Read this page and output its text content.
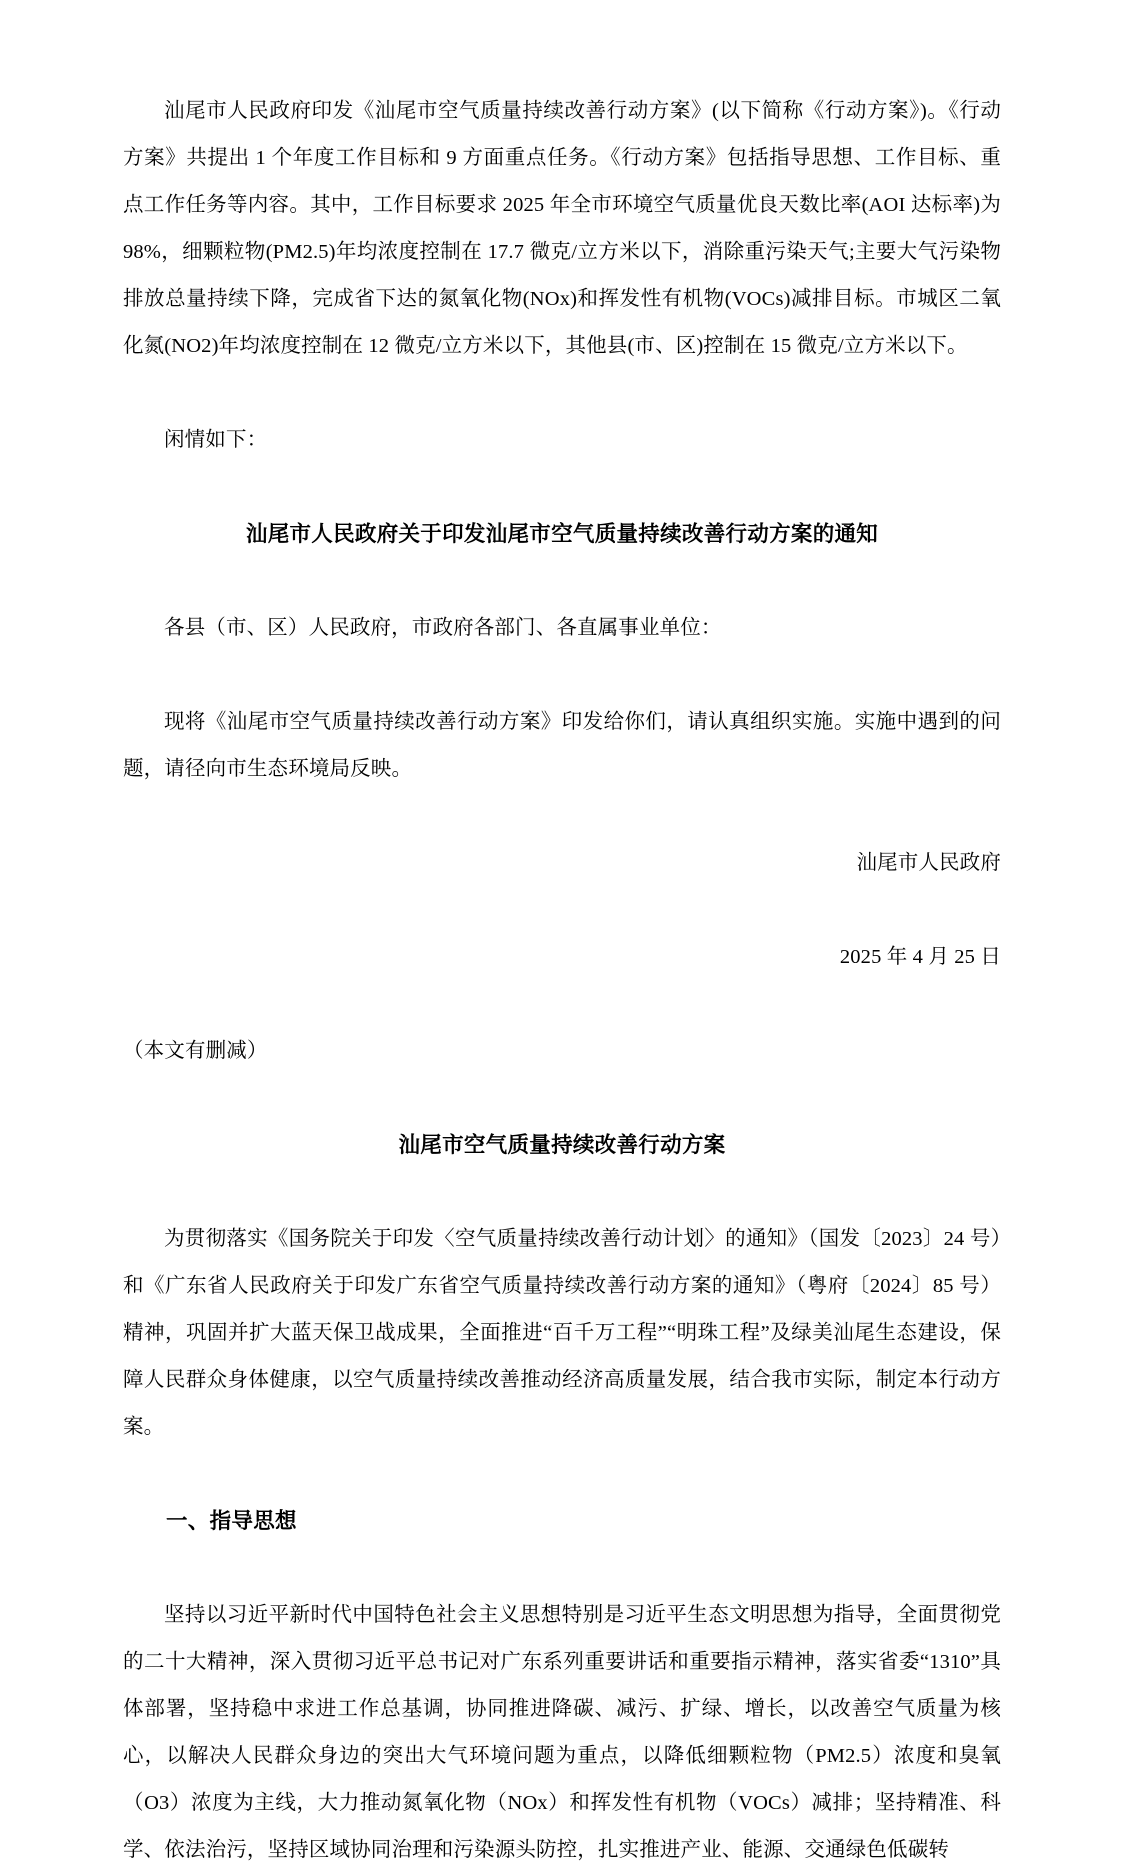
汕尾市人民政府印发《汕尾市空气质量持续改善行动方案》(以下简称《行动方案》)。《行动方案》共提出 1 个年度工作目标和 9 方面重点任务。《行动方案》包括指导思想、工作目标、重点工作任务等内容。其中，工作目标要求 2025 年全市环境空气质量优良天数比率(AOI 达标率)为 98%，细颗粒物(PM2.5)年均浓度控制在 17.7 微克/立方米以下，消除重污染天气;主要大气污染物排放总量持续下降，完成省下达的氮氧化物(NOx)和挥发性有机物(VOCs)减排目标。市城区二氧化氮(NO2)年均浓度控制在 12 微克/立方米以下，其他县(市、区)控制在 15 微克/立方米以下。

闲情如下：

汕尾市人民政府关于印发汕尾市空气质量持续改善行动方案的通知

各县（市、区）人民政府，市政府各部门、各直属事业单位：

现将《汕尾市空气质量持续改善行动方案》印发给你们，请认真组织实施。实施中遇到的问题，请径向市生态环境局反映。

汕尾市人民政府

2025 年 4 月 25 日

（本文有删减）

汕尾市空气质量持续改善行动方案

为贯彻落实《国务院关于印发〈空气质量持续改善行动计划〉的通知》（国发〔2023〕24 号）和《广东省人民政府关于印发广东省空气质量持续改善行动方案的通知》（粤府〔2024〕85 号）精神，巩固并扩大蓝天保卫战成果，全面推进“百千万工程”“明珠工程”及绿美汕尾生态建设，保障人民群众身体健康，以空气质量持续改善推动经济高质量发展，结合我市实际，制定本行动方案。

一、指导思想

坚持以习近平新时代中国特色社会主义思想特别是习近平生态文明思想为指导，全面贯彻党的二十大精神，深入贯彻习近平总书记对广东系列重要讲话和重要指示精神，落实省委“1310”具体部署，坚持稳中求进工作总基调，协同推进降碳、减污、扩绿、增长，以改善空气质量为核心，以解决人民群众身边的突出大气环境问题为重点，以降低细颗粒物（PM2.5）浓度和臭氧（O3）浓度为主线，大力推动氮氧化物（NOx）和挥发性有机物（VOCs）减排；坚持精准、科学、依法治污，坚持区域协同治理和污染源头防控，扎实推进产业、能源、交通绿色低碳转
